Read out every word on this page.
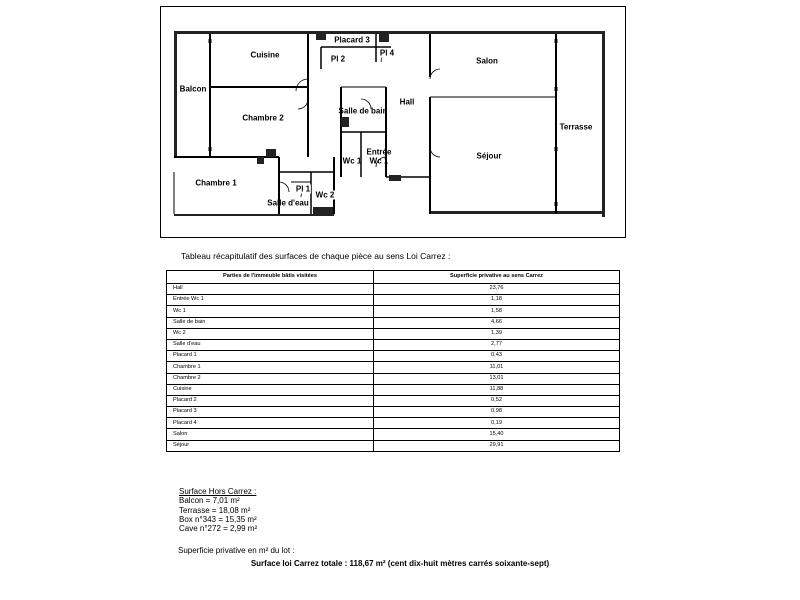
Cuisine
Placard 3
Pl 2
Pl 4
Balcon
Chambre 2
Salle de bain
Hall
Salon
Terrasse
Séjour
Wc 1
Entrée
Wc 1
Chambre 1
Pl 1
Wc 2
Salle d'eau
Tableau récapitulatif des surfaces de chaque pièce au sens Loi Carrez :
Parties de l'immeuble bâtis visitées	Superficie privative au sens Carrez
Hall	23,76
Entrée Wc 1	1,18
Wc 1	1,58
Salle de bain	4,66
Wc 2	1,39
Salle d'eau	2,77
Placard 1	0,43
Chambre 1	11,01
Chambre 2	13,01
Cuisine	11,88
Placard 2	0,52
Placard 3	0,98
Placard 4	0,19
Salon	15,40
Séjour	29,91
Surface Hors Carrez :
Balcon = 7,01 m²
Terrasse = 18,08 m²
Box n°343 = 15,35 m²
Cave n°272 = 2,99 m²
Superficie privative en m² du lot :
Surface loi Carrez totale : 118,67 m² (cent dix-huit mètres carrés soixante-sept)
